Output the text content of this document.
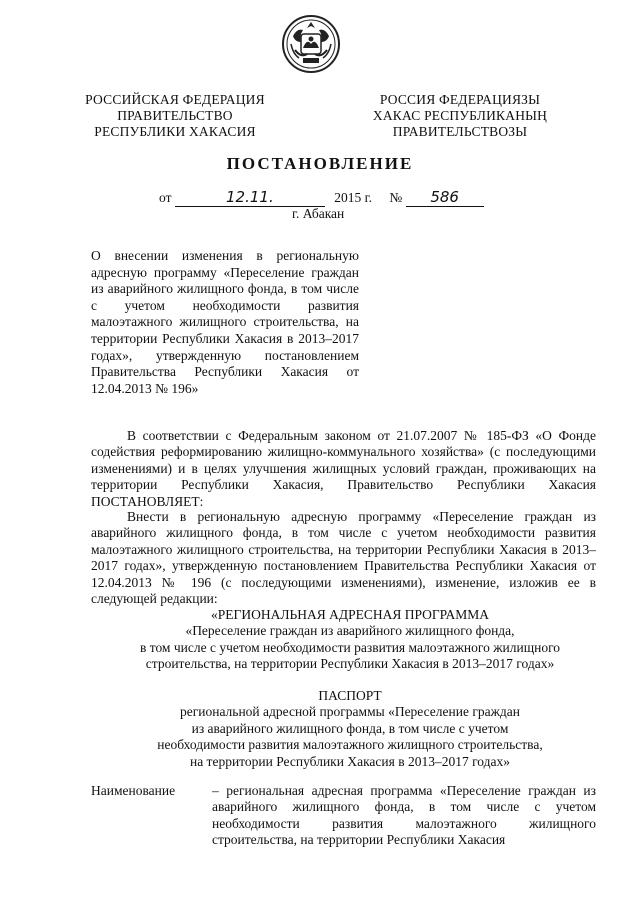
РОССИЙСКАЯ ФЕДЕРАЦИЯ
ПРАВИТЕЛЬСТВО
РЕСПУБЛИКИ ХАКАСИЯ
РОССИЯ ФЕДЕРАЦИЯЗЫ
ХАКАС РЕСПУБЛИКАНЫҢ
ПРАВИТЕЛЬСТВОЗЫ
ПОСТАНОВЛЕНИЕ
от	12.11.	2015 г. № 586
г. Абакан
О внесении изменения в региональную адресную программу «Переселение граждан из аварийного жилищного фонда, в том числе с учетом необходимости развития малоэтажного жилищного строительства, на территории Республики Хакасия в 2013–2017 годах», утвержденную постановлением Правительства Республики Хакасия от 12.04.2013 № 196»
В соответствии с Федеральным законом от 21.07.2007 № 185-ФЗ «О Фонде содействия реформированию жилищно-коммунального хозяйства» (с последующими изменениями) и в целях улучшения жилищных условий граждан, проживающих на территории Республики Хакасия, Правительство Республики Хакасия ПОСТАНОВЛЯЕТ:
Внести в региональную адресную программу «Переселение граждан из аварийного жилищного фонда, в том числе с учетом необходимости развития малоэтажного жилищного строительства, на территории Республики Хакасия в 2013–2017 годах», утвержденную постановлением Правительства Республики Хакасия от 12.04.2013 № 196 (с последующими изменениями), изменение, изложив ее в следующей редакции:
«РЕГИОНАЛЬНАЯ АДРЕСНАЯ ПРОГРАММА
«Переселение граждан из аварийного жилищного фонда,
в том числе с учетом необходимости развития малоэтажного жилищного
строительства, на территории Республики Хакасия в 2013–2017 годах»
ПАСПОРТ
региональной адресной программы «Переселение граждан
из аварийного жилищного фонда, в том числе с учетом
необходимости развития малоэтажного жилищного строительства,
на территории Республики Хакасия в 2013–2017 годах»
Наименование	– региональная адресная программа «Переселение граждан из аварийного жилищного фонда, в том числе с учетом необходимости развития малоэтажного жилищного строительства, на территории Республики Хакасия
